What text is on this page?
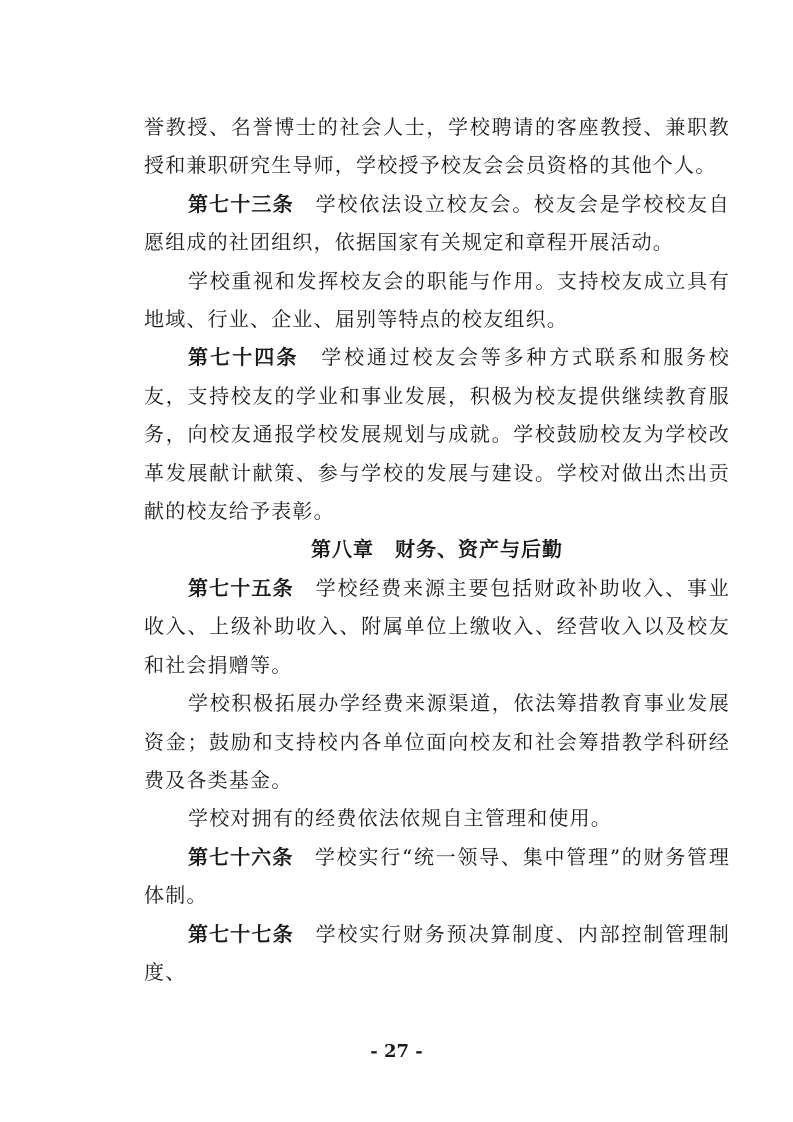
誉教授、名誉博士的社会人士，学校聘请的客座教授、兼职教授和兼职研究生导师，学校授予校友会会员资格的其他个人。

第七十三条　 学校依法设立校友会。校友会是学校校友自愿组成的社团组织，依据国家有关规定和章程开展活动。

学校重视和发挥校友会的职能与作用。支持校友成立具有地域、行业、企业、届别等特点的校友组织。

第七十四条　 学校通过校友会等多种方式联系和服务校友，支持校友的学业和事业发展，积极为校友提供继续教育服务，向校友通报学校发展规划与成就。学校鼓励校友为学校改革发展献计献策、参与学校的发展与建设。学校对做出杰出贡献的校友给予表彰。

第八章　财务、资产与后勤

第七十五条　 学校经费来源主要包括财政补助收入、事业收入、上级补助收入、附属单位上缴收入、经营收入以及校友和社会捐赠等。

学校积极拓展办学经费来源渠道，依法筹措教育事业发展资金；鼓励和支持校内各单位面向校友和社会筹措教学科研经费及各类基金。

学校对拥有的经费依法依规自主管理和使用。

第七十六条　 学校实行“统一领导、集中管理”的财务管理体制。

第七十七条　 学校实行财务预决算制度、内部控制管理制度、

- 27 -
